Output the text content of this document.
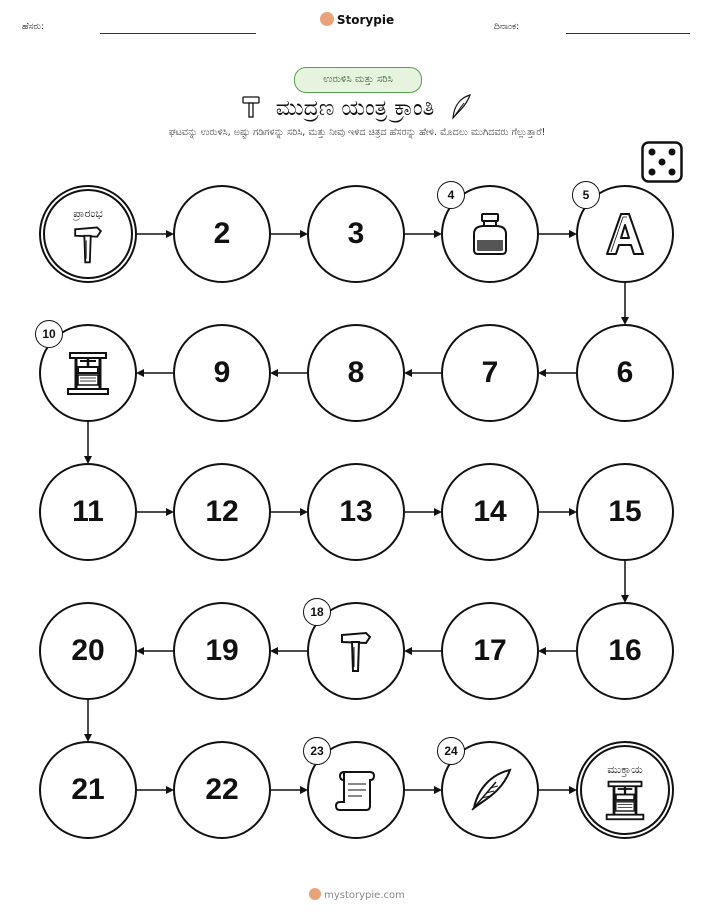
ಹೆಸರು:	Storypie	ದಿನಾಂಕ:
ಉರುಳಿಸಿ ಮತ್ತು ಸರಿಸಿ
ಮುದ್ರಣ ಯಂತ್ರ ಕ್ರಾಂತಿ
ಘಟವನ್ನು ಉರುಳಿಸಿ, ಅಷ್ಟು ಗಡಿಗಳನ್ನು ಸರಿಸಿ, ಮತ್ತು ನೀವು ಇಳಿದ ಚಿತ್ರದ ಹೆಸರನ್ನು ಹೇಳಿ. ಮೊದಲು ಮುಗಿದವರು ಗೆಲ್ಲುತ್ತಾರೆ!
ಪ್ರಾರಂಭ
2	3
4	5
6
7
8
9
10
11	12	13	14	15
16
17
18
19
20
21	22
23	24
ಮುಕ್ತಾಯ
mystorypie.com
